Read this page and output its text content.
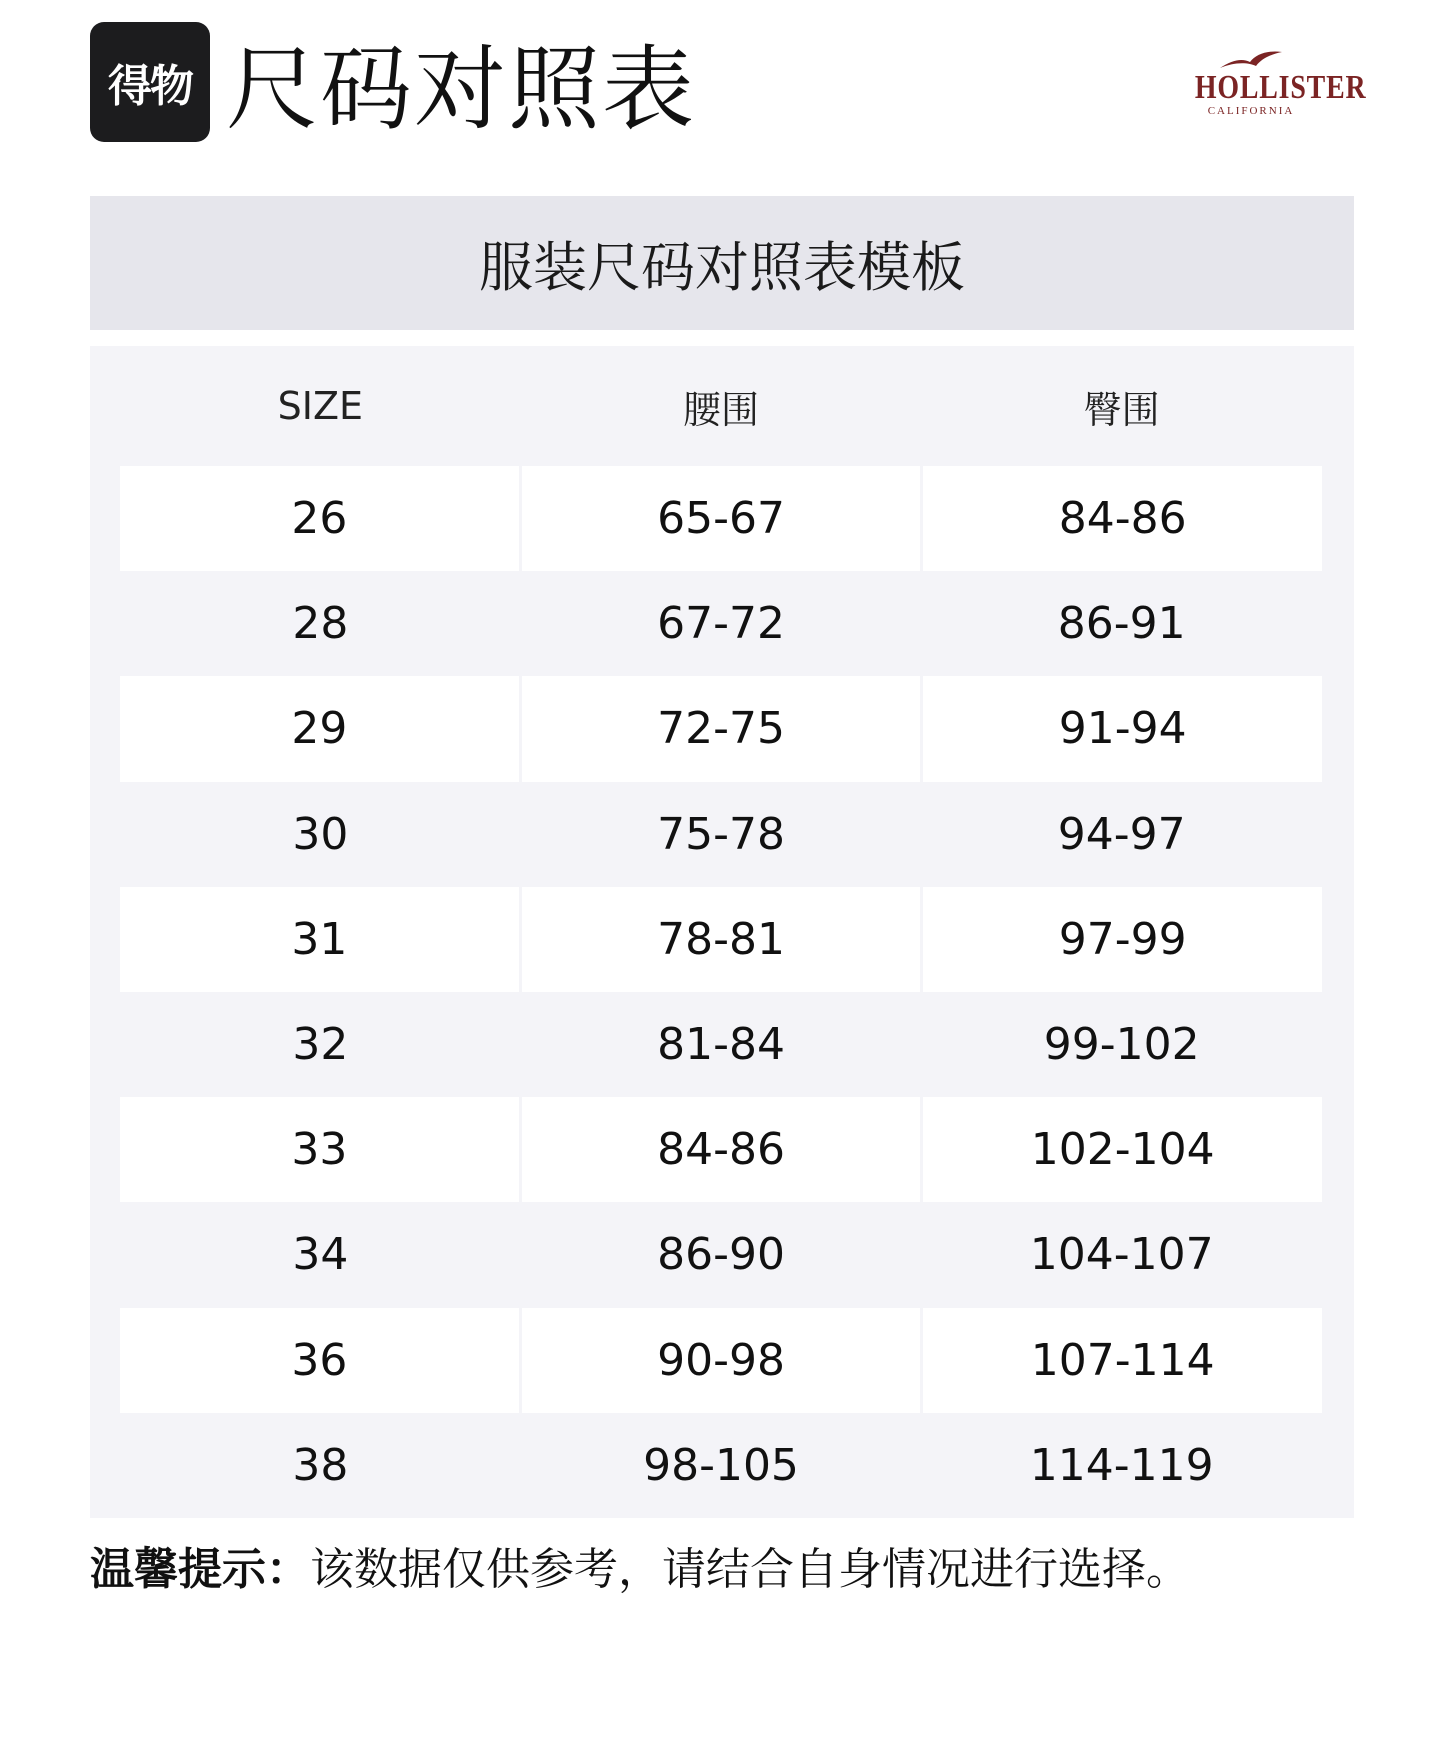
得物 尺码对照表	HOLLISTER
CALIFORNIA
服装尺码对照表模板
SIZE	腰围	臀围
26	65-67	84-86
28	67-72	86-91
29	72-75	91-94
30	75-78	94-97
31	78-81	97-99
32	81-84	99-102
33	84-86	102-104
34	86-90	104-107
36	90-98	107-114
38	98-105	114-119
温馨提示：该数据仅供参考，请结合自身情况进行选择。
